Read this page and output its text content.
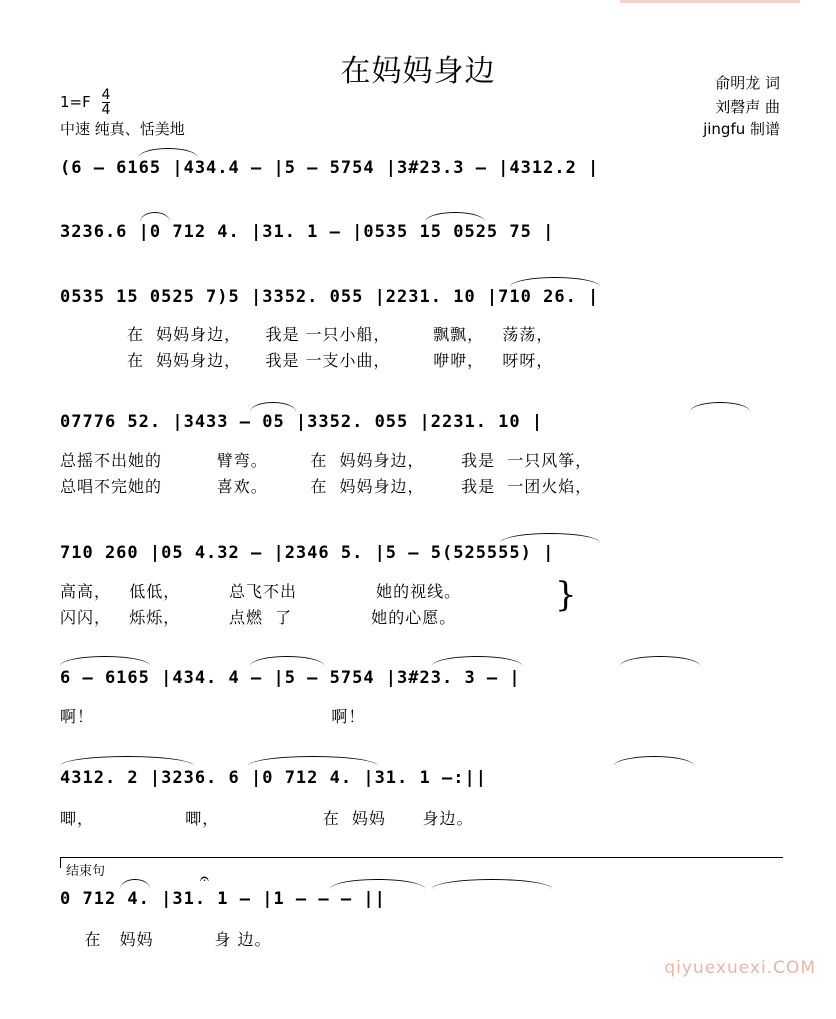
在妈妈身边
$1=F \frac{4}{4}$
中速 纯真、恬美地
俞明龙 词
刘磬声 曲
jingfu 制谱
(6 – 6165 |434.4 – |5 – 5754 |3#23.3 – |4312.2 |
3236.6 |0 712 4. |31. 1 – |0535 15 0525 75 |
0535 15 0525 7)5 |3352. 055 |2231. 10 |710 26. |
在  妈妈身边，    我是 一只小船，       飘飘，   荡荡，
在  妈妈身边，    我是 一支小曲，       咿咿，   呀呀，
07776 52. |3433 – 05 |3352. 055 |2231. 10 |
总摇不出她的         臂弯。       在  妈妈身边，      我是  一只风筝，
总唱不完她的         喜欢。       在  妈妈身边，      我是  一团火焰，
710 260 |05 4.32 – |2346 5. |5 – 5(525555) |
高高，   低低，        总飞不出             她的视线。
闪闪，   烁烁，        点燃  了             她的心愿。
}
6 – 6165 |434. 4 – |5 – 5754 |3#23. 3 – |
啊！                                       啊！
4312. 2 |3236. 6 |0 712 4. |31. 1 –:||
唧，               唧，                 在  妈妈      身边。
结束句
0 712 4. |31. 1 – |1 – – – ||
𝄐
在   妈妈          身 边。
qiyuexuexi.COM
